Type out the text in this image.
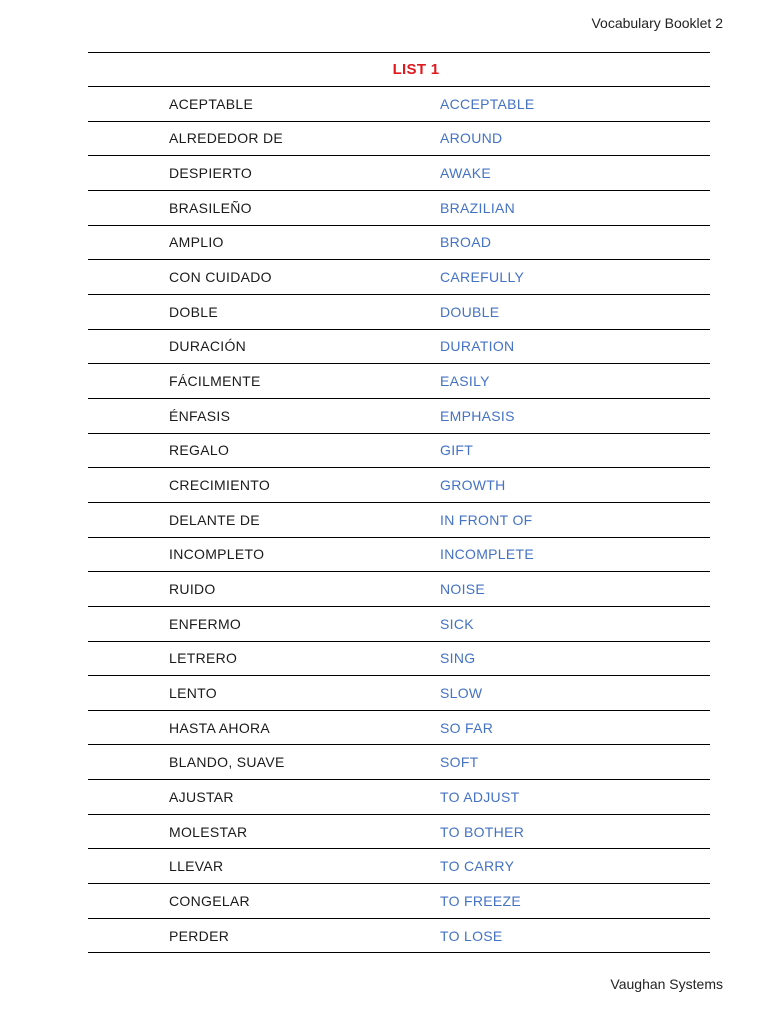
Vocabulary Booklet 2
LIST 1
ACEPTABLE	ACCEPTABLE
ALREDEDOR DE	AROUND
DESPIERTO	AWAKE
BRASILEÑO	BRAZILIAN
AMPLIO	BROAD
CON CUIDADO	CAREFULLY
DOBLE	DOUBLE
DURACIÓN	DURATION
FÁCILMENTE	EASILY
ÉNFASIS	EMPHASIS
REGALO	GIFT
CRECIMIENTO	GROWTH
DELANTE DE	IN FRONT OF
INCOMPLETO	INCOMPLETE
RUIDO	NOISE
ENFERMO	SICK
LETRERO	SING
LENTO	SLOW
HASTA AHORA	SO FAR
BLANDO, SUAVE	SOFT
AJUSTAR	TO ADJUST
MOLESTAR	TO BOTHER
LLEVAR	TO CARRY
CONGELAR	TO FREEZE
PERDER	TO LOSE
Vaughan Systems
